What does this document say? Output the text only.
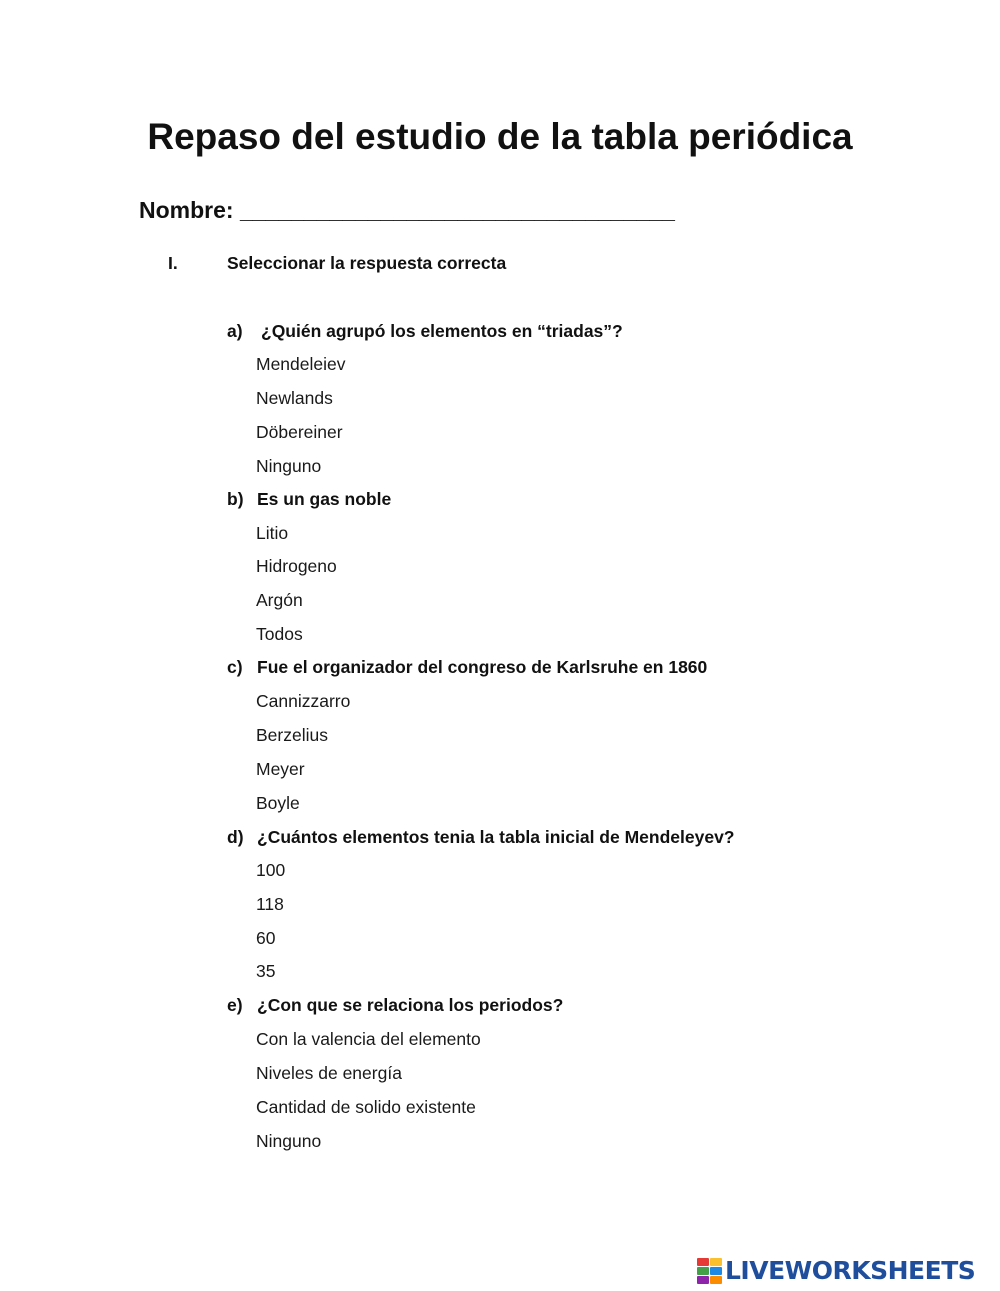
Repaso del estudio de la tabla periódica
Nombre: __________________________________
I.	Seleccionar la respuesta correcta
a) ¿Quién agrupó los elementos en “triadas”?
Mendeleiev
Newlands
Döbereiner
Ninguno
b) Es un gas noble
Litio
Hidrogeno
Argón
Todos
c) Fue el organizador del congreso de Karlsruhe en 1860
Cannizzarro
Berzelius
Meyer
Boyle
d) ¿Cuántos elementos tenia la tabla inicial de Mendeleyev?
100
118
60
35
e) ¿Con que se relaciona los periodos?
Con la valencia del elemento
Niveles de energía
Cantidad de solido existente
Ninguno
LIVEWORKSHEETS
